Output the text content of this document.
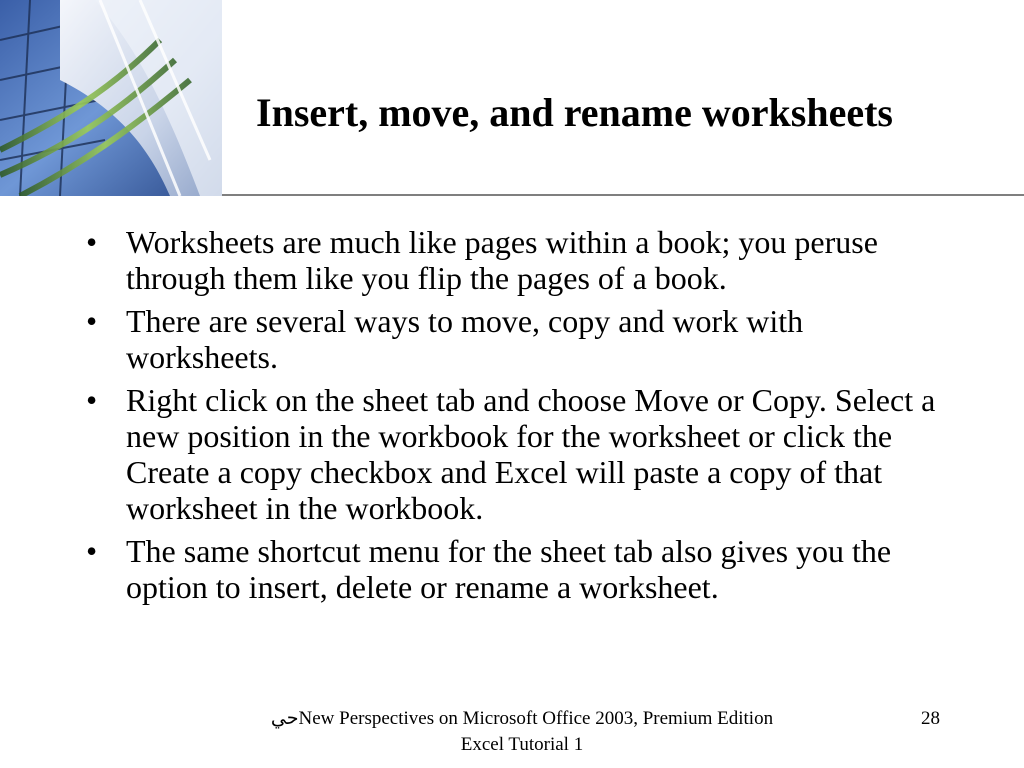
Insert, move, and rename worksheets
• Worksheets are much like pages within a book; you peruse through them like you flip the pages of a book.
• There are several ways to move, copy and work with worksheets.
• Right click on the sheet tab and choose Move or Copy. Select a new position in the workbook for the worksheet or click the Create a copy checkbox and Excel will paste a copy of that worksheet in the workbook.
• The same shortcut menu for the sheet tab also gives you the option to insert, delete or rename a worksheet.
حيNew Perspectives on Microsoft Office 2003, Premium Edition Excel Tutorial 1
28
